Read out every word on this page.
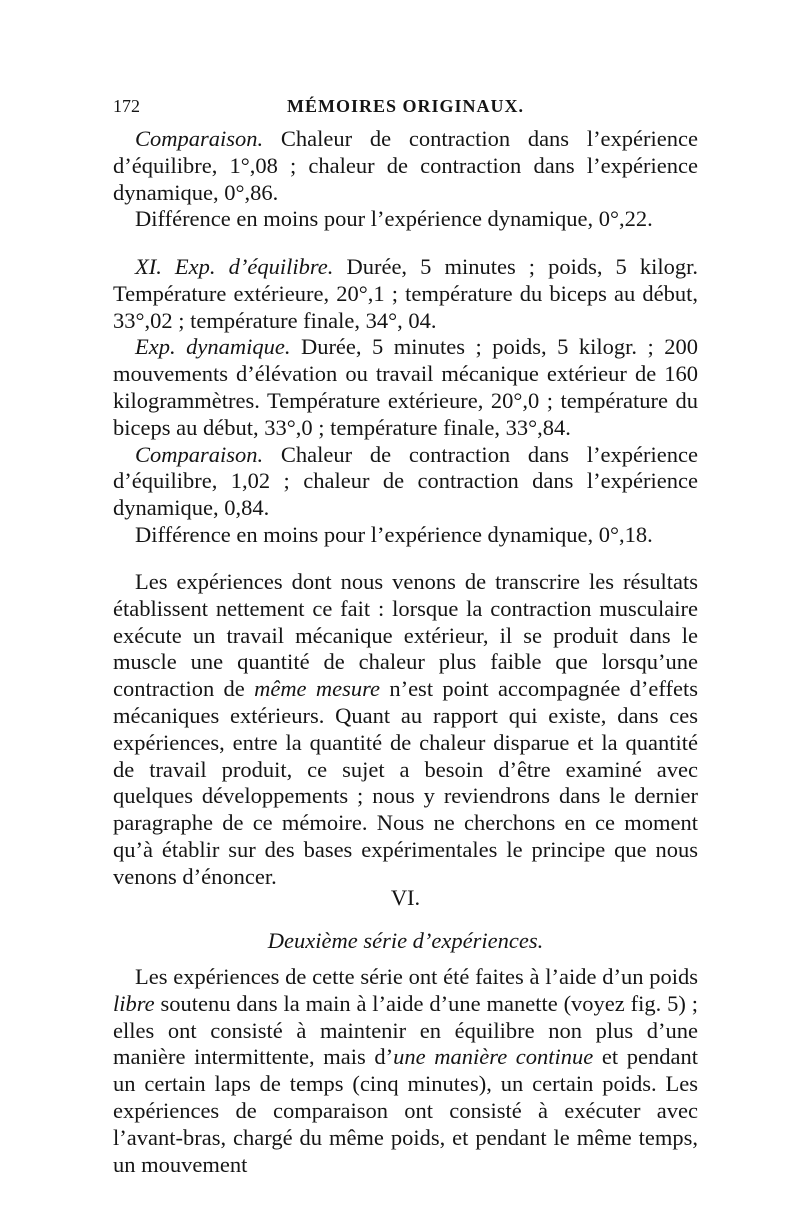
172	MÉMOIRES ORIGINAUX.

Comparaison. Chaleur de contraction dans l’expérience d’équilibre, 1°,08 ; chaleur de contraction dans l’expérience dynamique, 0°,86.

Différence en moins pour l’expérience dynamique, 0°,22.

XI. Exp. d’équilibre. Durée, 5 minutes ; poids, 5 kilogr. Température extérieure, 20°,1 ; température du biceps au début, 33°,02 ; température finale, 34°, 04.

Exp. dynamique. Durée, 5 minutes ; poids, 5 kilogr. ; 200 mouvements d’élévation ou travail mécanique extérieur de 160 kilogrammètres. Température extérieure, 20°,0 ; température du biceps au début, 33°,0 ; température finale, 33°,84.

Comparaison. Chaleur de contraction dans l’expérience d’équilibre, 1,02 ; chaleur de contraction dans l’expérience dynamique, 0,84.

Différence en moins pour l’expérience dynamique, 0°,18.

Les expériences dont nous venons de transcrire les résultats établissent nettement ce fait : lorsque la contraction musculaire exécute un travail mécanique extérieur, il se produit dans le muscle une quantité de chaleur plus faible que lorsqu’une contraction de même mesure n’est point accompagnée d’effets mécaniques extérieurs. Quant au rapport qui existe, dans ces expériences, entre la quantité de chaleur disparue et la quantité de travail produit, ce sujet a besoin d’être examiné avec quelques développements ; nous y reviendrons dans le dernier paragraphe de ce mémoire. Nous ne cherchons en ce moment qu’à établir sur des bases expérimentales le principe que nous venons d’énoncer.

VI.
Deuxième série d’expériences.

Les expériences de cette série ont été faites à l’aide d’un poids libre soutenu dans la main à l’aide d’une manette (voyez fig. 5) ; elles ont consisté à maintenir en équilibre non plus d’une manière intermittente, mais d’une manière continue et pendant un certain laps de temps (cinq minutes), un certain poids. Les expériences de comparaison ont consisté à exécuter avec l’avant-bras, chargé du même poids, et pendant le même temps, un mouvement
